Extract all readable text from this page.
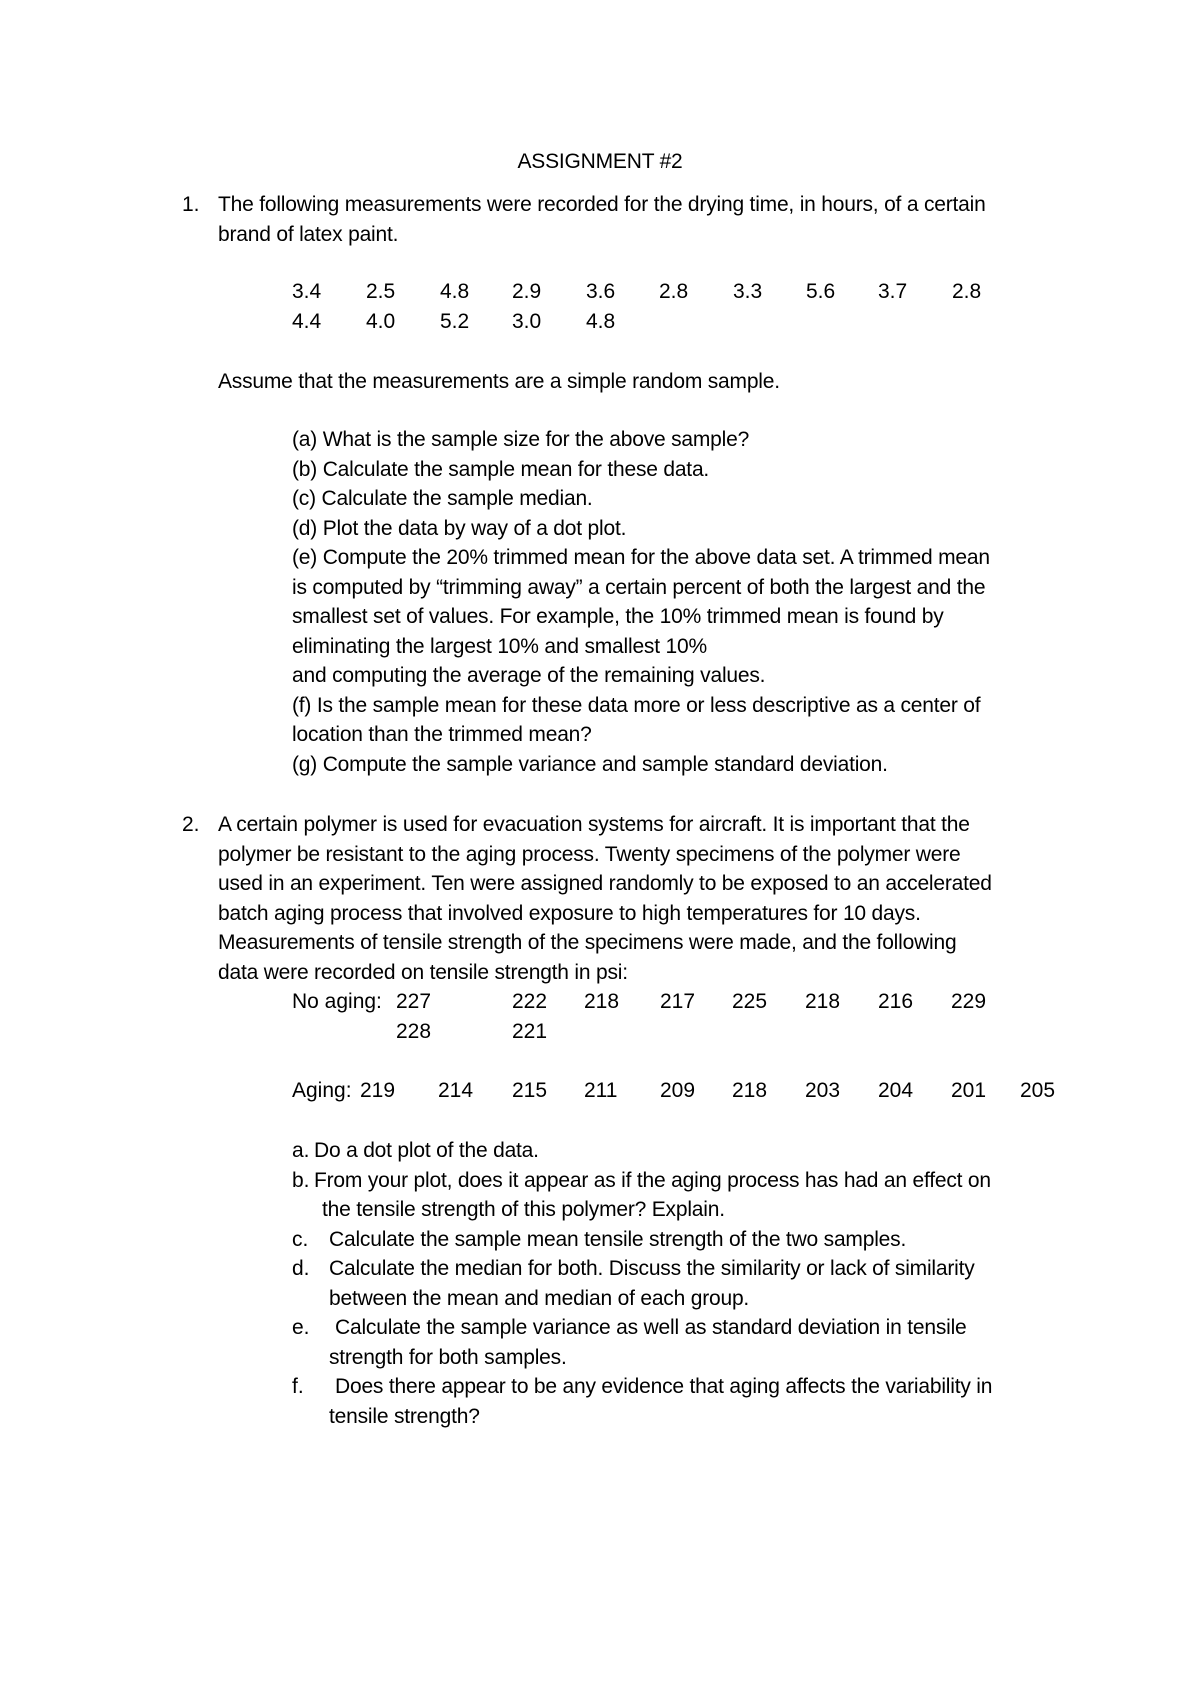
ASSIGNMENT #2
1. The following measurements were recorded for the drying time, in hours, of a certain
brand of latex paint.
3.4 2.5 4.8 2.9 3.6 2.8 3.3 5.6 3.7 2.8
4.4 4.0 5.2 3.0 4.8
Assume that the measurements are a simple random sample.
(a) What is the sample size for the above sample?
(b) Calculate the sample mean for these data.
(c) Calculate the sample median.
(d) Plot the data by way of a dot plot.
(e) Compute the 20% trimmed mean for the above data set. A trimmed mean
is computed by “trimming away” a certain percent of both the largest and the
smallest set of values. For example, the 10% trimmed mean is found by
eliminating the largest 10% and smallest 10%
and computing the average of the remaining values.
(f) Is the sample mean for these data more or less descriptive as a center of
location than the trimmed mean?
(g) Compute the sample variance and sample standard deviation.
2. A certain polymer is used for evacuation systems for aircraft. It is important that the
polymer be resistant to the aging process. Twenty specimens of the polymer were
used in an experiment. Ten were assigned randomly to be exposed to an accelerated
batch aging process that involved exposure to high temperatures for 10 days.
Measurements of tensile strength of the specimens were made, and the following
data were recorded on tensile strength in psi:
No aging: 227	222 218 217 225 218 216 229
228	221
Aging: 219 214 215 211 209 218 203 204 201 205
a. Do a dot plot of the data.
b. From your plot, does it appear as if the aging process has had an effect on
the tensile strength of this polymer? Explain.
c. Calculate the sample mean tensile strength of the two samples.
d. Calculate the median for both. Discuss the similarity or lack of similarity
between the mean and median of each group.
e. Calculate the sample variance as well as standard deviation in tensile
strength for both samples.
f. Does there appear to be any evidence that aging affects the variability in
tensile strength?
